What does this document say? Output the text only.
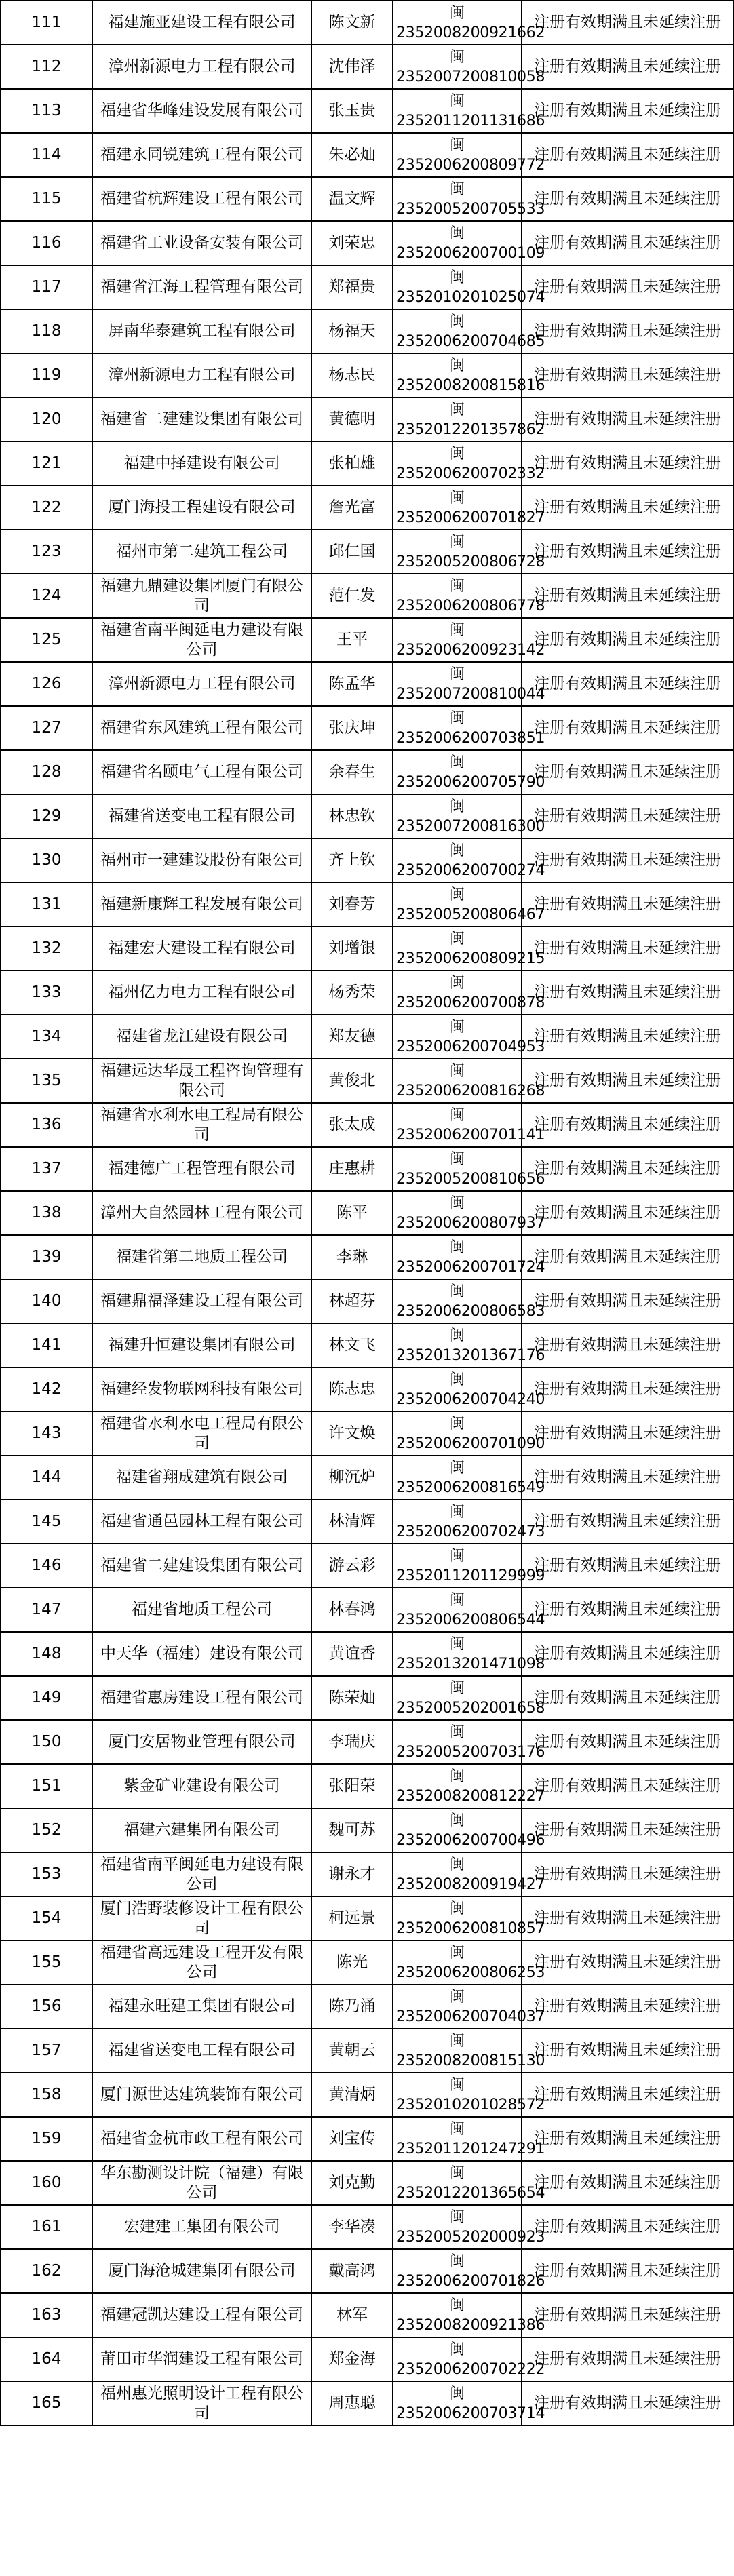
111	福建施亚建设工程有限公司	陈文新	闽2352008200921662	注册有效期满且未延续注册
112	漳州新源电力工程有限公司	沈伟泽	闽2352007200810058	注册有效期满且未延续注册
113	福建省华峰建设发展有限公司	张玉贵	闽2352011201131686	注册有效期满且未延续注册
114	福建永同锐建筑工程有限公司	朱必灿	闽2352006200809772	注册有效期满且未延续注册
115	福建省杭辉建设工程有限公司	温文辉	闽2352005200705533	注册有效期满且未延续注册
116	福建省工业设备安装有限公司	刘荣忠	闽2352006200700109	注册有效期满且未延续注册
117	福建省江海工程管理有限公司	郑福贵	闽2352010201025074	注册有效期满且未延续注册
118	屏南华泰建筑工程有限公司	杨福天	闽2352006200704685	注册有效期满且未延续注册
119	漳州新源电力工程有限公司	杨志民	闽2352008200815816	注册有效期满且未延续注册
120	福建省二建建设集团有限公司	黄德明	闽2352012201357862	注册有效期满且未延续注册
121	福建中择建设有限公司	张柏雄	闽2352006200702332	注册有效期满且未延续注册
122	厦门海投工程建设有限公司	詹光富	闽2352006200701827	注册有效期满且未延续注册
123	福州市第二建筑工程公司	邱仁国	闽2352005200806728	注册有效期满且未延续注册
124	福建九鼎建设集团厦门有限公司	范仁发	闽2352006200806778	注册有效期满且未延续注册
125	福建省南平闽延电力建设有限公司	王平	闽2352006200923142	注册有效期满且未延续注册
126	漳州新源电力工程有限公司	陈孟华	闽2352007200810044	注册有效期满且未延续注册
127	福建省东风建筑工程有限公司	张庆坤	闽2352006200703851	注册有效期满且未延续注册
128	福建省名颐电气工程有限公司	余春生	闽2352006200705790	注册有效期满且未延续注册
129	福建省送变电工程有限公司	林忠钦	闽2352007200816300	注册有效期满且未延续注册
130	福州市一建建设股份有限公司	齐上钦	闽2352006200700274	注册有效期满且未延续注册
131	福建新康辉工程发展有限公司	刘春芳	闽2352005200806467	注册有效期满且未延续注册
132	福建宏大建设工程有限公司	刘增银	闽2352006200809215	注册有效期满且未延续注册
133	福州亿力电力工程有限公司	杨秀荣	闽2352006200700878	注册有效期满且未延续注册
134	福建省龙江建设有限公司	郑友德	闽2352006200704953	注册有效期满且未延续注册
135	福建远达华晟工程咨询管理有限公司	黄俊北	闽2352006200816268	注册有效期满且未延续注册
136	福建省水利水电工程局有限公司	张太成	闽2352006200701141	注册有效期满且未延续注册
137	福建德广工程管理有限公司	庄惠耕	闽2352005200810656	注册有效期满且未延续注册
138	漳州大自然园林工程有限公司	陈平	闽2352006200807937	注册有效期满且未延续注册
139	福建省第二地质工程公司	李琳	闽2352006200701724	注册有效期满且未延续注册
140	福建鼎福泽建设工程有限公司	林超芬	闽2352006200806583	注册有效期满且未延续注册
141	福建升恒建设集团有限公司	林文飞	闽2352013201367176	注册有效期满且未延续注册
142	福建经发物联网科技有限公司	陈志忠	闽2352006200704240	注册有效期满且未延续注册
143	福建省水利水电工程局有限公司	许文焕	闽2352006200701090	注册有效期满且未延续注册
144	福建省翔成建筑有限公司	柳沉炉	闽2352006200816549	注册有效期满且未延续注册
145	福建省通邑园林工程有限公司	林清辉	闽2352006200702473	注册有效期满且未延续注册
146	福建省二建建设集团有限公司	游云彩	闽2352011201129999	注册有效期满且未延续注册
147	福建省地质工程公司	林春鸿	闽2352006200806544	注册有效期满且未延续注册
148	中天华（福建）建设有限公司	黄谊香	闽2352013201471098	注册有效期满且未延续注册
149	福建省惠房建设工程有限公司	陈荣灿	闽2352005202001658	注册有效期满且未延续注册
150	厦门安居物业管理有限公司	李瑞庆	闽2352005200703176	注册有效期满且未延续注册
151	紫金矿业建设有限公司	张阳荣	闽2352008200812227	注册有效期满且未延续注册
152	福建六建集团有限公司	魏可苏	闽2352006200700496	注册有效期满且未延续注册
153	福建省南平闽延电力建设有限公司	谢永才	闽2352008200919427	注册有效期满且未延续注册
154	厦门浩野装修设计工程有限公司	柯远景	闽2352006200810857	注册有效期满且未延续注册
155	福建省高远建设工程开发有限公司	陈光	闽2352006200806253	注册有效期满且未延续注册
156	福建永旺建工集团有限公司	陈乃涌	闽2352006200704037	注册有效期满且未延续注册
157	福建省送变电工程有限公司	黄朝云	闽2352008200815130	注册有效期满且未延续注册
158	厦门源世达建筑装饰有限公司	黄清炳	闽2352010201028572	注册有效期满且未延续注册
159	福建省金杭市政工程有限公司	刘宝传	闽2352011201247291	注册有效期满且未延续注册
160	华东勘测设计院（福建）有限公司	刘克勤	闽2352012201365654	注册有效期满且未延续注册
161	宏建建工集团有限公司	李华凑	闽2352005202000923	注册有效期满且未延续注册
162	厦门海沧城建集团有限公司	戴高鸿	闽2352006200701826	注册有效期满且未延续注册
163	福建冠凯达建设工程有限公司	林军	闽2352008200921386	注册有效期满且未延续注册
164	莆田市华润建设工程有限公司	郑金海	闽2352006200702222	注册有效期满且未延续注册
165	福州惠光照明设计工程有限公司	周惠聪	闽2352006200703714	注册有效期满且未延续注册
